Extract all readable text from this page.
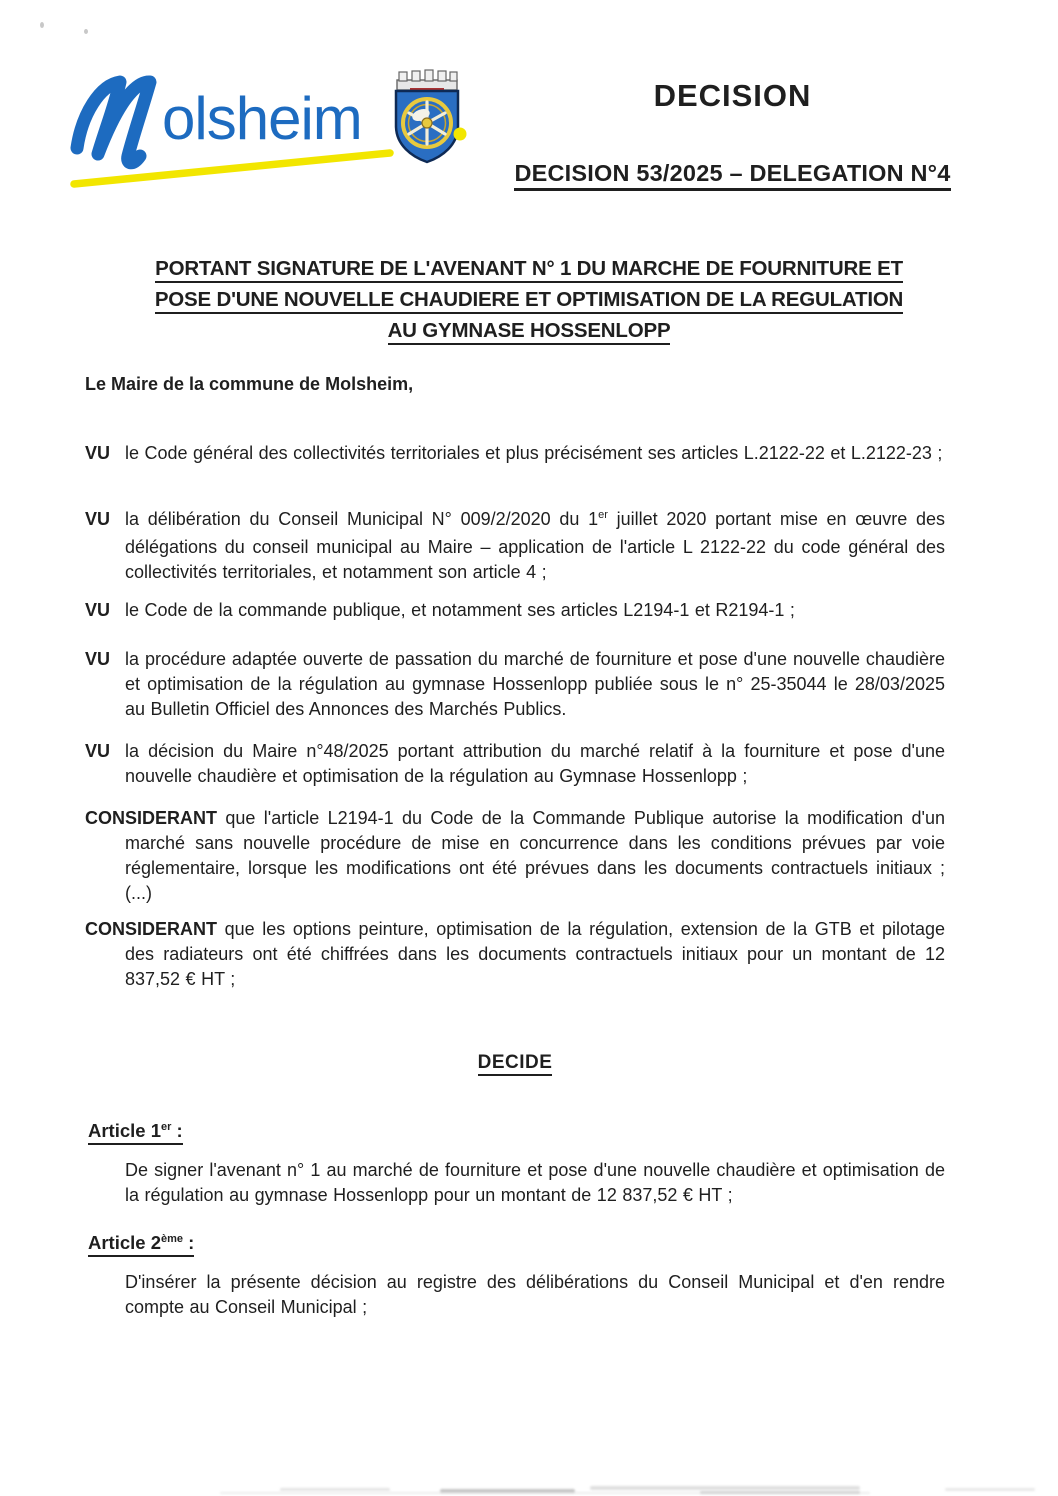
olsheim	DECISION
DECISION 53/2025 – DELEGATION N°4
PORTANT SIGNATURE DE L'AVENANT N° 1 DU MARCHE DE FOURNITURE ET
POSE D'UNE NOUVELLE CHAUDIERE ET OPTIMISATION DE LA REGULATION
AU GYMNASE HOSSENLOPP
Le Maire de la commune de Molsheim,
VU le Code général des collectivités territoriales et plus précisément ses articles L.2122-22 et L.2122-23 ;

VU la délibération du Conseil Municipal N° 009/2/2020 du 1er juillet 2020 portant mise en œuvre des délégations du conseil municipal au Maire – application de l'article L 2122-22 du code général des collectivités territoriales, et notamment son article 4 ;

VU le Code de la commande publique, et notamment ses articles L2194-1 et R2194-1 ;

VU la procédure adaptée ouverte de passation du marché de fourniture et pose d'une nouvelle chaudière et optimisation de la régulation au gymnase Hossenlopp publiée sous le n° 25-35044 le 28/03/2025 au Bulletin Officiel des Annonces des Marchés Publics.

VU la décision du Maire n°48/2025 portant attribution du marché relatif à la fourniture et pose d'une nouvelle chaudière et optimisation de la régulation au Gymnase Hossenlopp ;

CONSIDERANT que l'article L2194-1 du Code de la Commande Publique autorise la modification d'un marché sans nouvelle procédure de mise en concurrence dans les conditions prévues par voie réglementaire, lorsque les modifications ont été prévues dans les documents contractuels initiaux ; (...)

CONSIDERANT que les options peinture, optimisation de la régulation, extension de la GTB et pilotage des radiateurs ont été chiffrées dans les documents contractuels initiaux pour un montant de 12 837,52 € HT ;

DECIDE
Article 1er :

De signer l'avenant n° 1 au marché de fourniture et pose d'une nouvelle chaudière et optimisation de la régulation au gymnase Hossenlopp pour un montant de 12 837,52 € HT ;

Article 2ème :

D'insérer la présente décision au registre des délibérations du Conseil Municipal et d'en rendre compte au Conseil Municipal ;
